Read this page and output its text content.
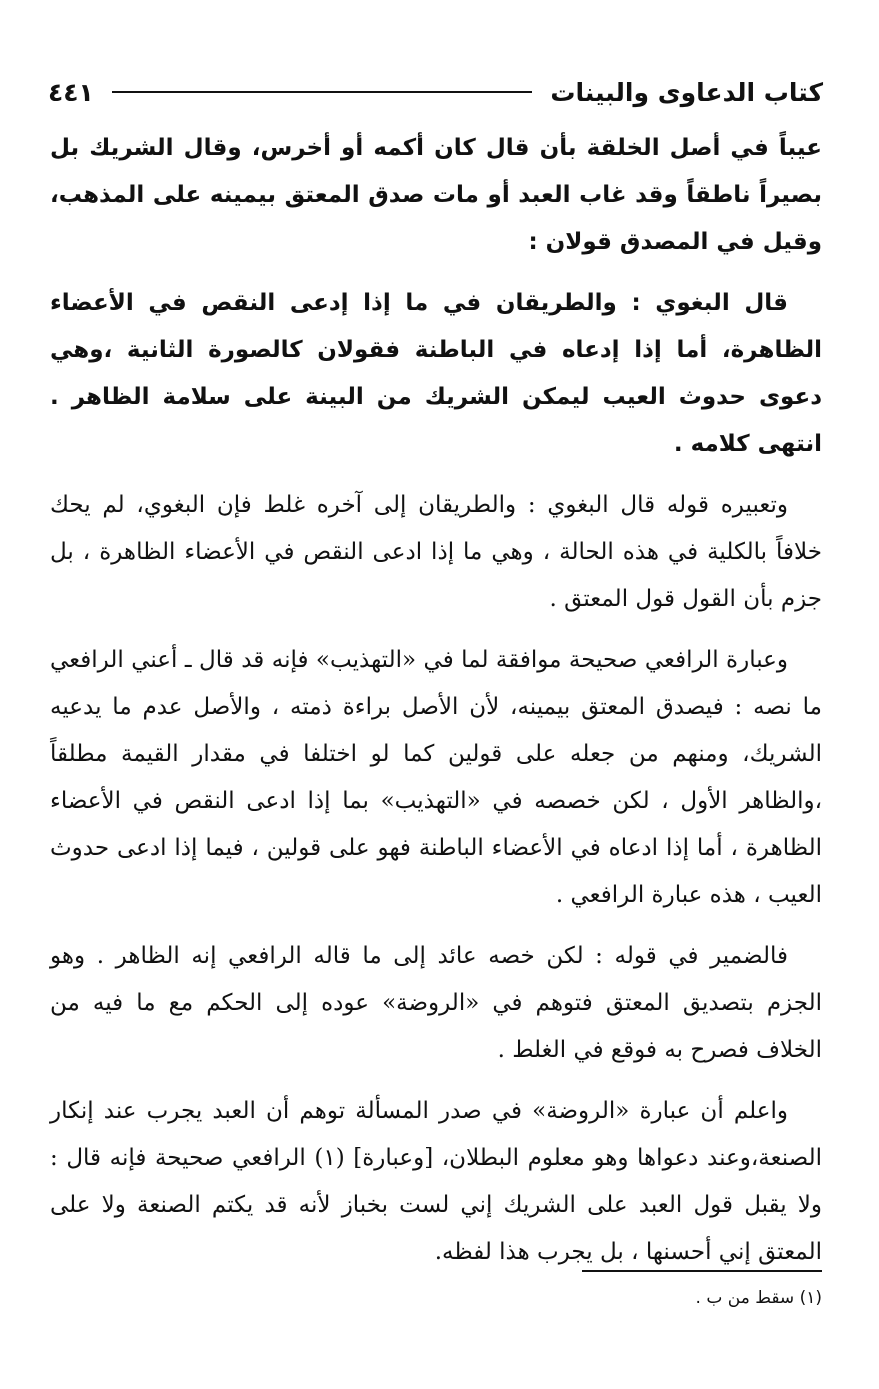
كتاب الدعاوى والبينات
٤٤١

عيباً في أصل الخلقة بأن قال كان أكمه أو أخرس، وقال الشريك بل بصيراً ناطقاً وقد غاب العبد أو مات صدق المعتق بيمينه على المذهب، وقيل في المصدق قولان :

قال البغوي : والطريقان في ما إذا إدعى النقص في الأعضاء الظاهرة، أما إذا إدعاه في الباطنة فقولان كالصورة الثانية ،وهي دعوى حدوث العيب ليمكن الشريك من البينة على سلامة الظاهر . انتهى كلامه .

وتعبيره قوله قال البغوي : والطريقان إلى آخره غلط فإن البغوي، لم يحك خلافاً بالكلية في هذه الحالة ، وهي ما إذا ادعى النقص في الأعضاء الظاهرة ، بل جزم بأن القول قول المعتق .

وعبارة الرافعي صحيحة موافقة لما في «التهذيب» فإنه قد قال ـ أعني الرافعي ما نصه : فيصدق المعتق بيمينه، لأن الأصل براءة ذمته ، والأصل عدم ما يدعيه الشريك، ومنهم من جعله على قولين كما لو اختلفا في مقدار القيمة مطلقاً ،والظاهر الأول ، لكن خصصه في «التهذيب» بما إذا ادعى النقص في الأعضاء الظاهرة ، أما إذا ادعاه في الأعضاء الباطنة فهو على قولين ، فيما إذا ادعى حدوث العيب ، هذه عبارة الرافعي .

فالضمير في قوله : لكن خصه عائد إلى ما قاله الرافعي إنه الظاهر . وهو الجزم بتصديق المعتق فتوهم في «الروضة» عوده إلى الحكم مع ما فيه من الخلاف فصرح به فوقع في الغلط .

واعلم أن عبارة «الروضة» في صدر المسألة توهم أن العبد يجرب عند إنكار الصنعة،وعند دعواها وهو معلوم البطلان، [وعبارة] (١) الرافعي صحيحة فإنه قال : ولا يقبل قول العبد على الشريك إني لست بخباز لأنه قد يكتم الصنعة ولا على المعتق إني أحسنها ، بل يجرب هذا لفظه.

(١) سقط من ب .
